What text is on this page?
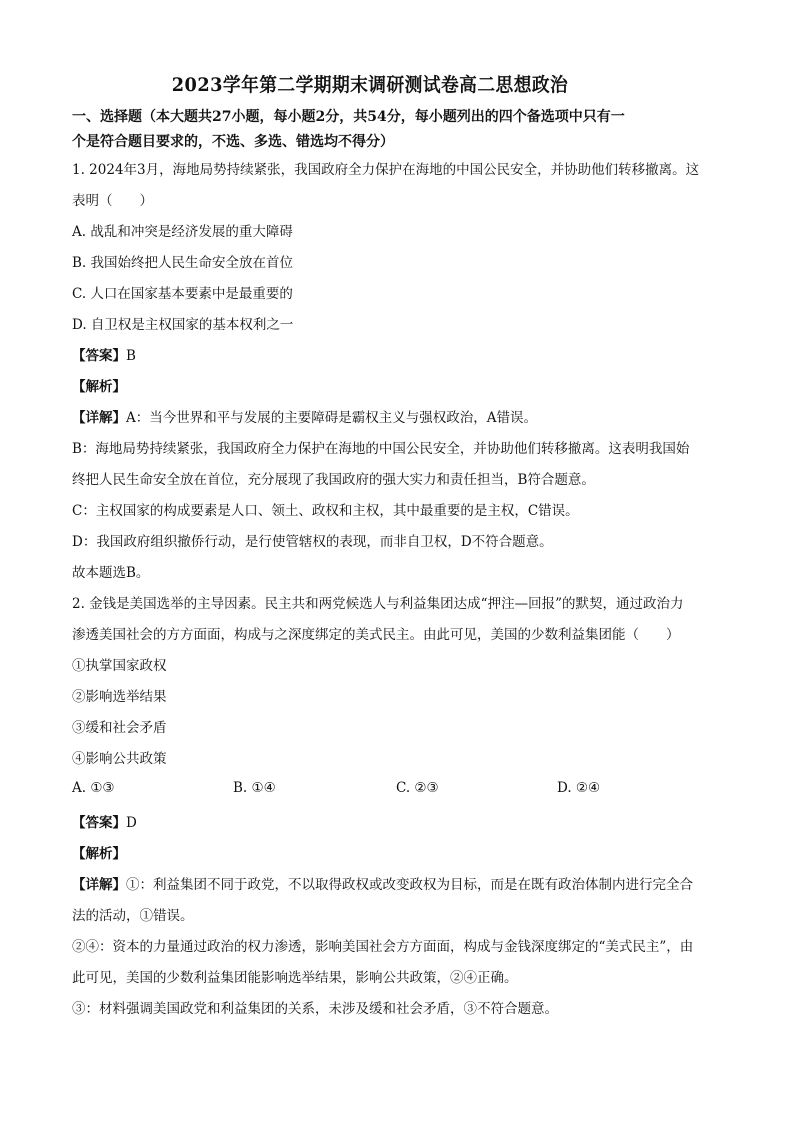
2023学年第二学期期末调研测试卷高二思想政治
一、选择题（本大题共27小题，每小题2分，共54分，每小题列出的四个备选项中只有一
个是符合题目要求的，不选、多选、错选均不得分）
1. 2024年3月，海地局势持续紧张，我国政府全力保护在海地的中国公民安全，并协助他们转移撤离。这
表明（　　）
A. 战乱和冲突是经济发展的重大障碍
B. 我国始终把人民生命安全放在首位
C. 人口在国家基本要素中是最重要的
D. 自卫权是主权国家的基本权利之一
【答案】B
【解析】
【详解】A：当今世界和平与发展的主要障碍是霸权主义与强权政治，A错误。
B：海地局势持续紧张，我国政府全力保护在海地的中国公民安全，并协助他们转移撤离。这表明我国始
终把人民生命安全放在首位，充分展现了我国政府的强大实力和责任担当，B符合题意。
C：主权国家的构成要素是人口、领土、政权和主权，其中最重要的是主权，C错误。
D：我国政府组织撤侨行动，是行使管辖权的表现，而非自卫权，D不符合题意。
故本题选B。
2. 金钱是美国选举的主导因素。民主共和两党候选人与利益集团达成“押注—回报”的默契，通过政治力
渗透美国社会的方方面面，构成与之深度绑定的美式民主。由此可见，美国的少数利益集团能（　　）
①执掌国家政权
②影响选举结果
③缓和社会矛盾
④影响公共政策
A. ①③	B. ①④	C. ②③	D. ②④
【答案】D
【解析】
【详解】①：利益集团不同于政党，不以取得政权或改变政权为目标，而是在既有政治体制内进行完全合
法的活动，①错误。
②④：资本的力量通过政治的权力渗透，影响美国社会方方面面，构成与金钱深度绑定的“美式民主”，由
此可见，美国的少数利益集团能影响选举结果，影响公共政策，②④正确。
③：材料强调美国政党和利益集团的关系，未涉及缓和社会矛盾，③不符合题意。
